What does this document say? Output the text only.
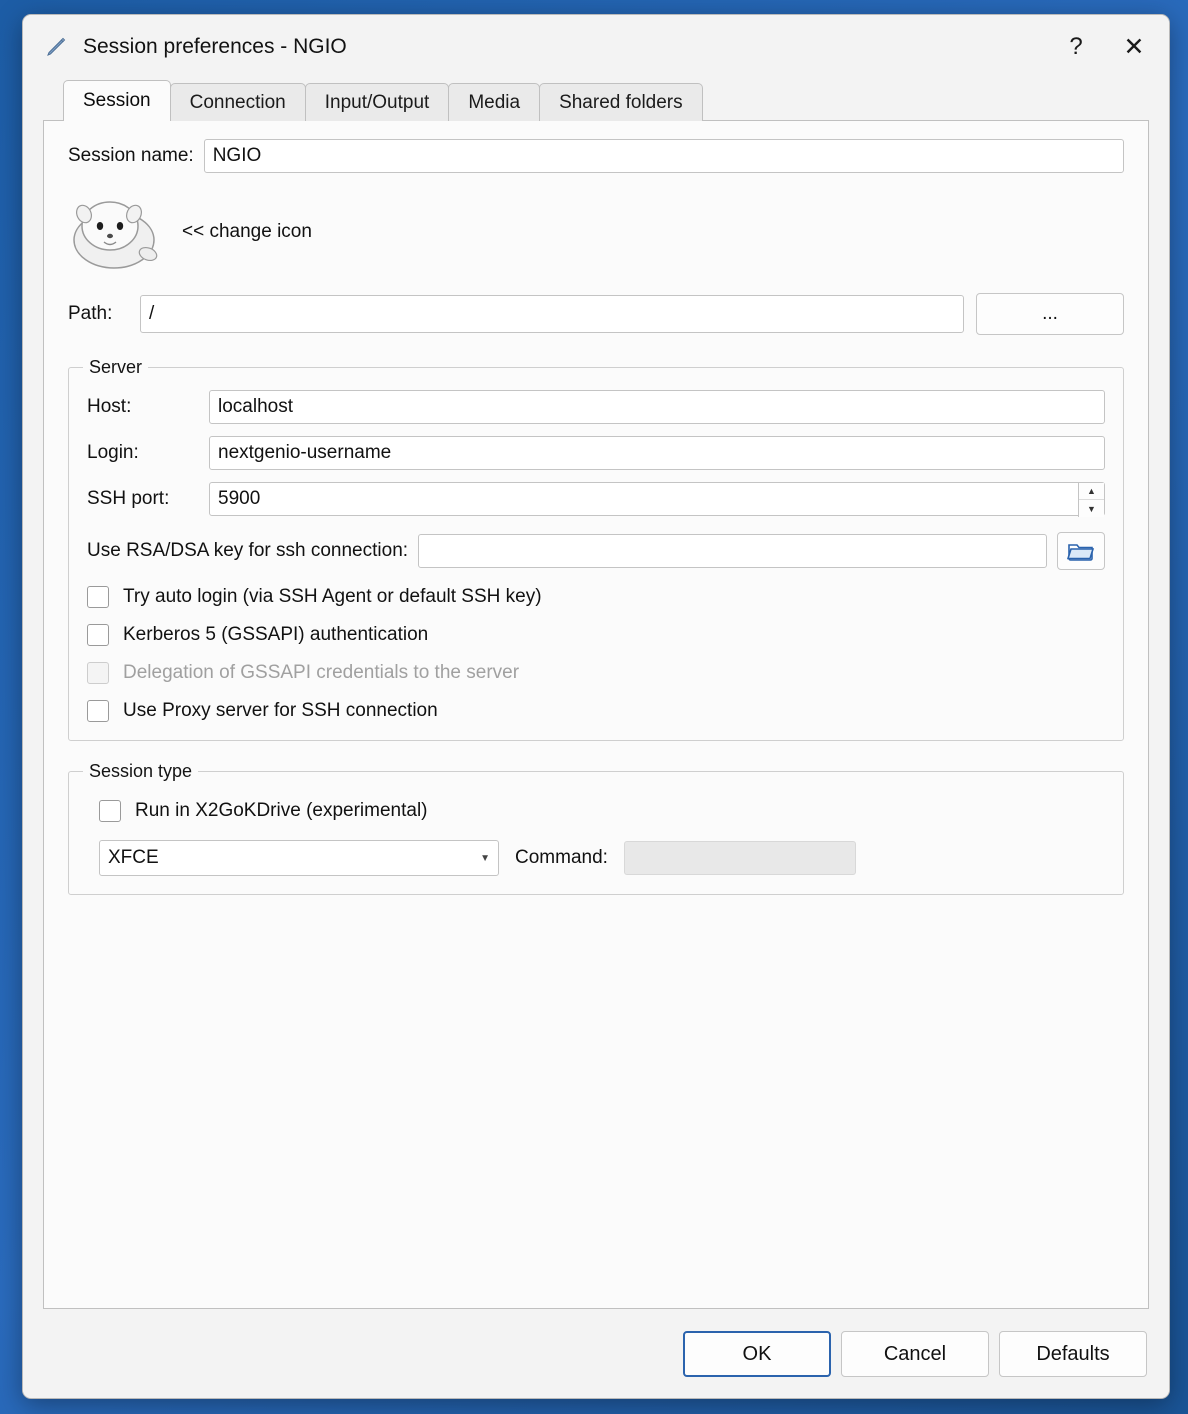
Session preferences - NGIO	?	✕
Session Connection Input/Output Media Shared folders
Session name:
NGIO
<< change icon
Path:
/	...
Server
Host:
localhost
Login:
nextgenio-username
SSH port:
5900	▲
▼
Use RSA/DSA key for ssh connection:
Try auto login (via SSH Agent or default SSH key)
Kerberos 5 (GSSAPI) authentication
Delegation of GSSAPI credentials to the server
Use Proxy server for SSH connection
Session type
Run in X2GoKDrive (experimental)
XFCE	▼ Command:
OK	Cancel	Defaults
